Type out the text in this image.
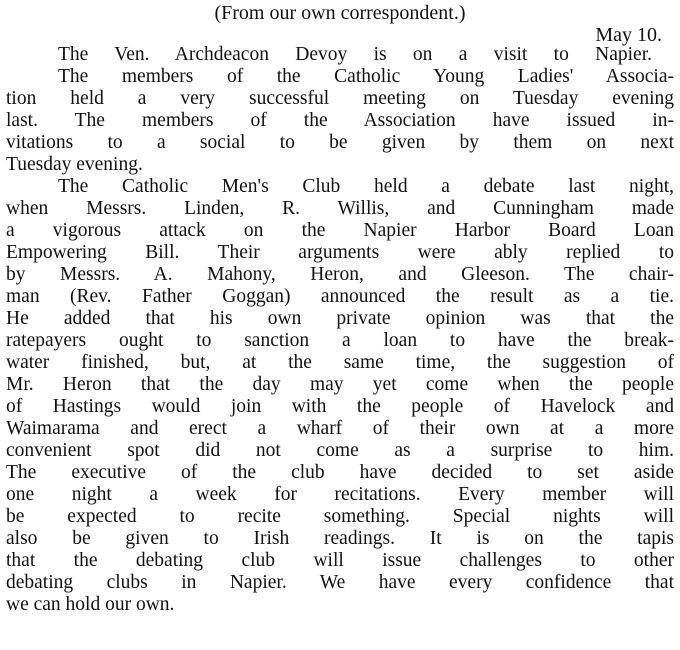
(From our own correspondent.)
May 10.
The Ven. Archdeacon Devoy is on a visit to Napier.
The members of the Catholic Young Ladies' Associa-
tion held a very successful meeting on Tuesday evening
last. The members of the Association have issued in-
vitations to a social to be given by them on next
Tuesday evening.
The Catholic Men's Club held a debate last night,
when Messrs. Linden, R. Willis, and Cunningham made
a vigorous attack on the Napier Harbor Board Loan
Empowering Bill. Their arguments were ably replied to
by Messrs. A. Mahony, Heron, and Gleeson. The chair-
man (Rev. Father Goggan) announced the result as a tie.
He added that his own private opinion was that the
ratepayers ought to sanction a loan to have the break-
water finished, but, at the same time, the suggestion of
Mr. Heron that the day may yet come when the people
of Hastings would join with the people of Havelock and
Waimarama and erect a wharf of their own at a more
convenient spot did not come as a surprise to him.
The executive of the club have decided to set aside
one night a week for recitations. Every member will
be expected to recite something. Special nights will
also be given to Irish readings. It is on the tapis
that the debating club will issue challenges to other
debating clubs in Napier. We have every confidence that
we can hold our own.
